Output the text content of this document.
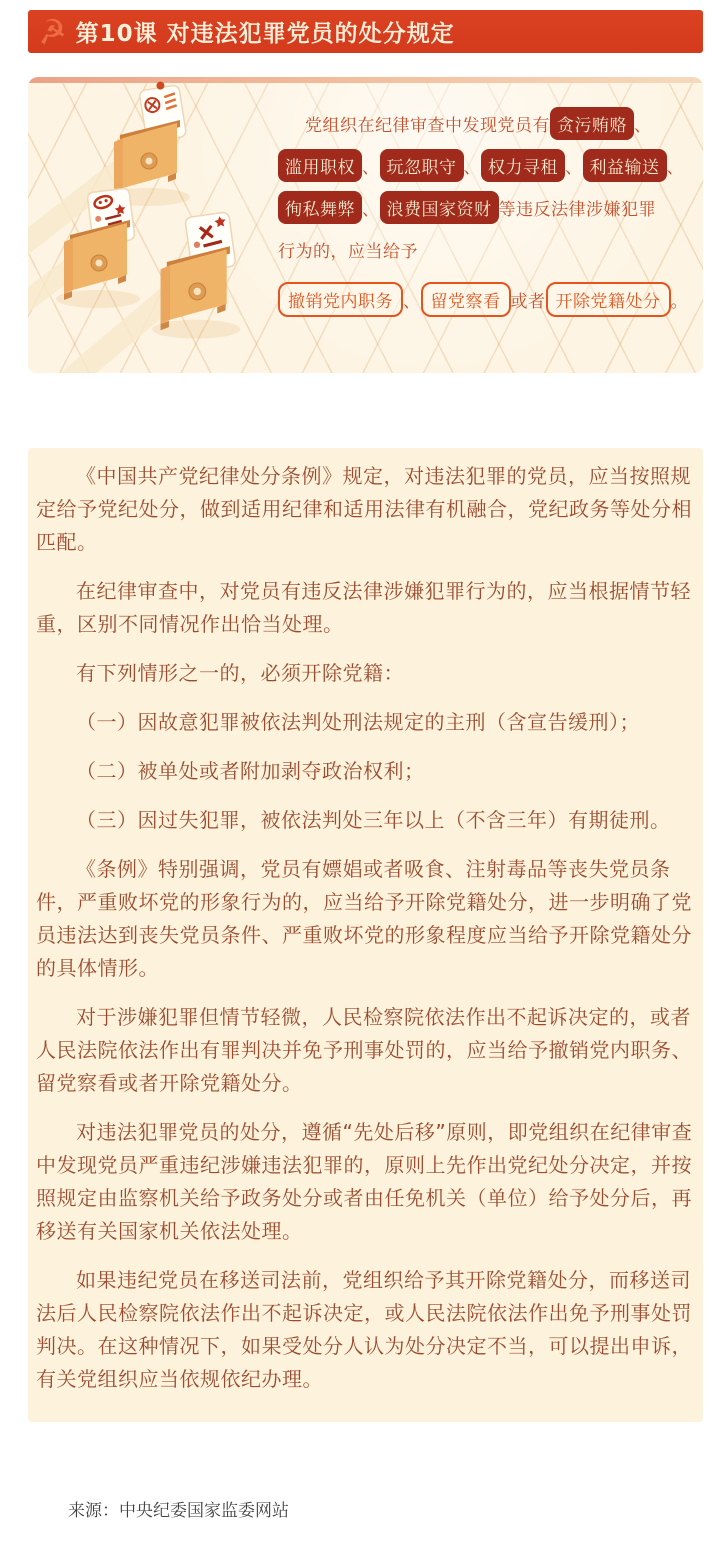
☭ 第10课 对违法犯罪党员的处分规定
党组织在纪律审查中发现党员有 贪污贿赂 、
滥用职权 、 玩忽职守 、 权力寻租 、 利益输送 、
徇私舞弊 、 浪费国家资财 等违反法律涉嫌犯罪
行为的，应当给予
撤销党内职务 、 留党察看 或者 开除党籍处分 。

《中国共产党纪律处分条例》规定，对违法犯罪的党员，应当按照规定给予党纪处分，做到适用纪律和适用法律有机融合，党纪政务等处分相匹配。

在纪律审查中，对党员有违反法律涉嫌犯罪行为的，应当根据情节轻重，区别不同情况作出恰当处理。

有下列情形之一的，必须开除党籍：

（一）因故意犯罪被依法判处刑法规定的主刑（含宣告缓刑）；

（二）被单处或者附加剥夺政治权利；

（三）因过失犯罪，被依法判处三年以上（不含三年）有期徒刑。

《条例》特别强调，党员有嫖娼或者吸食、注射毒品等丧失党员条件，严重败坏党的形象行为的，应当给予开除党籍处分，进一步明确了党员违法达到丧失党员条件、严重败坏党的形象程度应当给予开除党籍处分的具体情形。

对于涉嫌犯罪但情节轻微，人民检察院依法作出不起诉决定的，或者人民法院依法作出有罪判决并免予刑事处罚的，应当给予撤销党内职务、留党察看或者开除党籍处分。

对违法犯罪党员的处分，遵循“先处后移”原则，即党组织在纪律审查中发现党员严重违纪涉嫌违法犯罪的，原则上先作出党纪处分决定，并按照规定由监察机关给予政务处分或者由任免机关（单位）给予处分后，再移送有关国家机关依法处理。

如果违纪党员在移送司法前，党组织给予其开除党籍处分，而移送司法后人民检察院依法作出不起诉决定，或人民法院依法作出免予刑事处罚判决。在这种情况下，如果受处分人认为处分决定不当，可以提出申诉，有关党组织应当依规依纪办理。

来源：中央纪委国家监委网站
